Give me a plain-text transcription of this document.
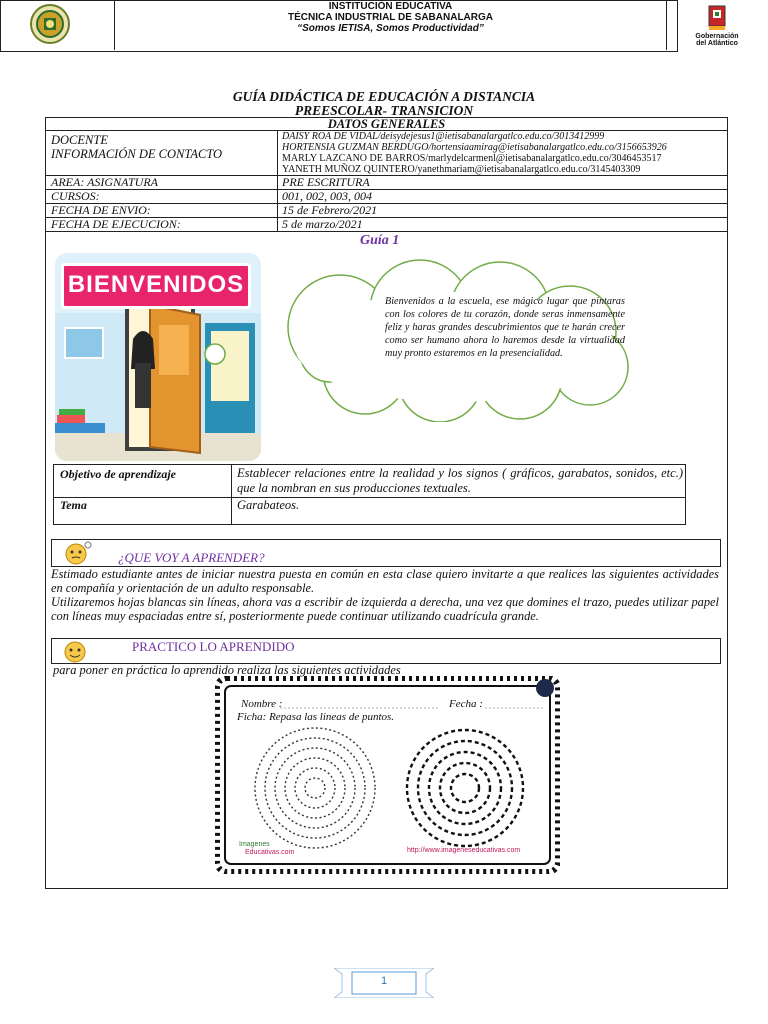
INSTITUCIÓN EDUCATIVA
TÉCNICA INDUSTRIAL DE SABANALARGA
“Somos IETISA, Somos Productividad”
Gobernación
del Atlántico
GUÍA DIDÁCTICA DE EDUCACIÓN A DISTANCIA
PREESCOLAR- TRANSICION
DATOS GENERALES
DOCENTE
INFORMACIÓN DE CONTACTO
DAISY ROA DE VIDAL/deisydejesus1@ietisabanalargatlco.edu.co/3013412999
HORTENSIA GUZMAN BERDUGO/hortensiaamirag@ietisabanalargatlco.edu.co/3156653926
MARLY LAZCANO DE BARROS/marlydelcarmenl@ietisabanalargatlco.edu.co/3046453517
YANETH MUÑOZ QUINTERO/yanethmariam@ietisabanalargatlco.edu.co/3145403309
AREA: ASIGNATURA	PRE ESCRITURA
CURSOS:	001, 002, 003, 004
FECHA DE ENVIO:	15 de Febrero/2021
FECHA DE EJECUCION:	5 de marzo/2021
Guía 1
BIENVENIDOS
Bienvenidos a la escuela, ese mágico lugar que pintaras con los colores de tu corazón, donde seras inmensamente feliz y haras grandes descubrimientos que te harán crecer como ser humano ahora lo haremos desde la virtualidad muy pronto estaremos en la presencialidad.
Objetivo de aprendizaje	Establecer relaciones entre la realidad y los signos ( gráficos, garabatos, sonidos, etc.) que la nombran en sus producciones textuales.
Tema	Garabateos.
¿QUE VOY A APRENDER?
Estimado estudiante antes de iniciar nuestra puesta en común en esta clase quiero invitarte a que realices las siguientes actividades en compañía y orientación de un adulto responsable.
Utilizaremos hojas blancas sin líneas, ahora vas a escribir de izquierda a derecha, una vez que domines el trazo, puedes utilizar papel con líneas muy espaciadas entre sí, posteriormente puede continuar utilizando cuadrícula grande.
PRACTICO LO APRENDIDO
para poner en práctica lo aprendido realiza las siguientes actividades
Nombre :	Fecha :
Ficha: Repasa las lineas de puntos.
Imagenes
Educativas.com	http://www.imageneseducativas.com
1
